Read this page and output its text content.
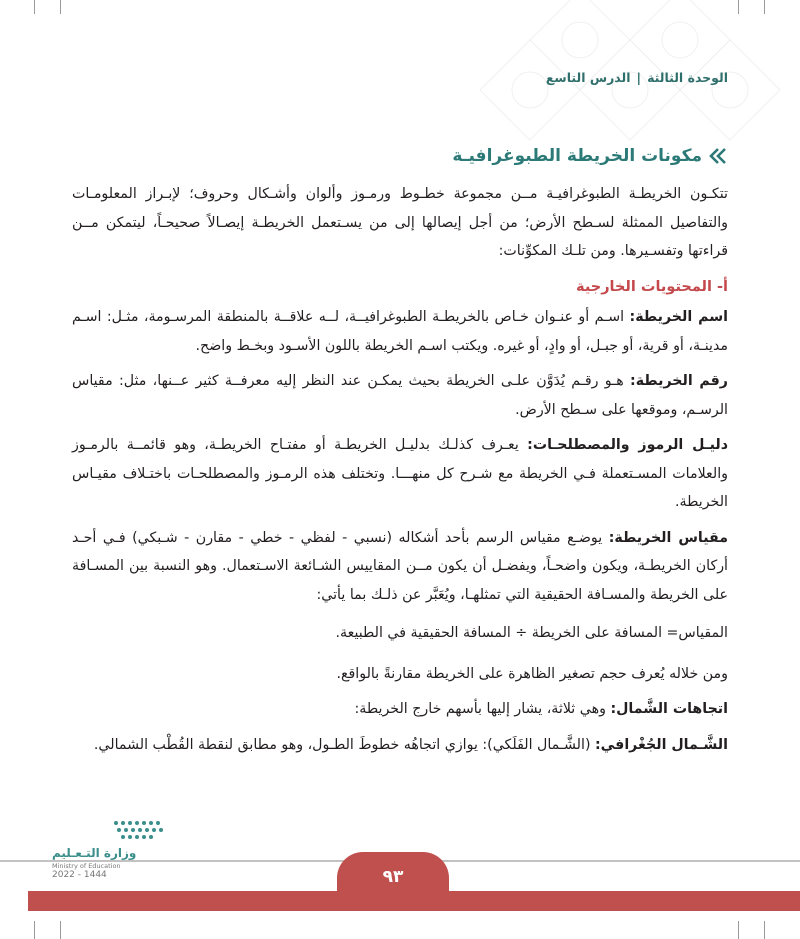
الوحدة الثالثة|الدرس التاسع
مكونات الخريطة الطبوغرافيـة

تتكـون الخريطـة الطبوغرافيـة مــن مجموعة خطـوط ورمـوز وألوان وأشـكال وحروف؛ لإبـراز المعلومـات والتفاصيل الممثلة لسـطح الأرض؛ من أجل إيصالها إلى من يسـتعمل الخريطـة إيصـالاً صحيحـاً، ليتمكن مــن قراءتها وتفسـيرها. ومن تلـك المكوِّنات:

أ- المحتويات الخارجية

اسم الخريطة: اسـم أو عنـوان خـاص بالخريطـة الطبوغرافيــة، لــه علاقــة بالمنطقة المرسـومة، مثـل: اسـم مدينـة، أو قرية، أو جبـل، أو وادٍ، أو غيره. ويكتب اسـم الخريطة باللون الأسـود وبخـط واضح.

رقم الخريطة: هـو رقـم يُدَوَّن علـى الخريطة بحيث يمكـن عند النظر إليه معرفــة كثير عــنها، مثل: مقياس الرسـم، وموقعها على سـطح الأرض.

دليـل الرموز والمصطلحـات: يعـرف كذلـك بدليـل الخريطـة أو مفتـاح الخريطـة، وهو قائمــة بالرمـوز والعلامات المسـتعملة فـي الخريطة مع شـرح كل منهـــا. وتختلف هذه الرمـوز والمصطلحـات باختـلاف مقيـاس الخريطة.

مقياس الخريطة: يوضـع مقياس الرسم بأحد أشكاله (نسبي - لفظي - خطي - مقارن - شـبكي) فـي أحـد أركان الخريطـة، ويكون واضحـاً، ويفضـل أن يكون مــن المقاييس الشـائعة الاسـتعمال. وهو النسبة بين المسـافة على الخريطة والمسـافة الحقيقية التي تمثلهـا، ويُعَبَّر عن ذلـك بما يأتي:

المقياس= المسافة على الخريطة ÷ المسافة الحقيقية في الطبيعة.

ومن خلاله يُعرف حجم تصغير الظاهرة على الخريطة مقارنةً بالواقع.

اتجاهات الشَّمال: وهي ثلاثة، يشار إليها بأسهم خارج الخريطة:

الشَّـمال الجُغْرافي: (الشَّـمال الفَلَكي): يوازي اتجاهُه خطوطَ الطـول، وهو مطابق لنقطة القُطْب الشمالي.

وزارة التـعـليم
Ministry of Education
2022 - 1444	٩٣
